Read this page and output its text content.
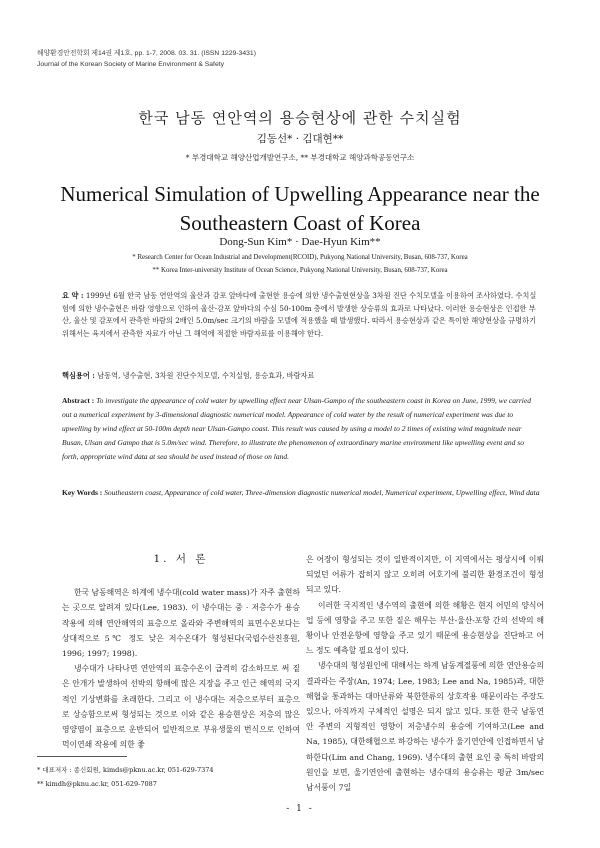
해양환경안전학회 제14권 제1호, pp. 1-7, 2008. 03. 31. (ISSN 1229-3431)
Journal of the Korean Society of Marine Environment & Safety
한국 남동 연안역의 용승현상에 관한 수치실험
김동선* · 김대현**
* 부경대학교 해양산업개발연구소, ** 부경대학교 해양과학공동연구소
Numerical Simulation of Upwelling Appearance near the
Southeastern Coast of Korea
Dong-Sun Kim* · Dae-Hyun Kim**
* Research Center for Ocean Industrial and Development(RCOID), Pukyong National University, Busan, 608-737, Korea
** Korea Inter-university Institute of Ocean Science, Pukyong National University, Busan, 608-737, Korea
요 약 : 1999년 6월 한국 남동 연안역의 울산과 감포 앞바다에 출현한 용승에 의한 냉수출현현상을 3차원 진단 수치모델을 이용하여 조사하였다. 수치실험에 의한 냉수출현은 바람 영향으로 인하여 울산-감포 앞바다의 수심 50-100m 층에서 발생한 상승류의 효과로 나타났다. 이러한 용승현상은 인접한 부산, 울산 및 감포에서 관측한 바람의 2배인 5.0m/sec 크기의 바람을 모델에 적용했을 때 발생했다. 따라서 용승현상과 같은 특이한 해양현상을 규명하기 위해서는 육지에서 관측한 자료가 아닌 그 해역에 적절한 바람자료를 이용해야 한다.
핵심용어 : 남동역, 냉수출현, 3차원 진단수치모델, 수치실험, 용승효과, 바람자료
Abstract : To investigate the appearance of cold water by upwelling effect near Ulsan-Gampo of the southeastern coast in Korea on June, 1999, we carried out a numerical experiment by 3-dimensional diagnostic numerical model. Appearance of cold water by the result of numerical experiment was due to upwelling by wind effect at 50-100m depth near Ulsan-Gampo coast. This result was caused by using a model to 2 times of existing wind magnitude near Busan, Ulsan and Gampo that is 5.0m/sec wind. Therefore, to illustrate the phenomenon of extraordinary marine environment like upwelling event and so forth, appropriate wind data at sea should be used instead of those on land.
Key Words : Southeastern coast, Appearance of cold water, Three-dimension diagnostic numerical model, Numerical experiment, Upwelling effect, Wind data
1. 서 론

한국 남동해역은 하계에 냉수대(cold water mass)가 자주 출현하는 곳으로 알려져 있다(Lee, 1983). 이 냉수대는 중 · 저층수가 용승작용에 의해 연안해역의 표층으로 올라와 주변해역의 표면수온보다는 상대적으로 5℃ 정도 낮은 저수온대가 형성된다(국립수산진흥원, 1996; 1997; 1998).

냉수대가 나타나면 연안역의 표층수온이 급격히 감소하므로 써 짙은 안개가 발생하여 선박의 항해에 많은 지장을 주고 인근 해역의 국지적인 기상변화를 초래한다. 그리고 이 냉수대는 저층으로부터 표층으로 상승함으로써 형성되는 것으로 이와 같은 용승현상은 저층의 많은 영양염이 표층으로 운반되어 일반적으로 부유생물의 번식으로 인하여 먹이연쇄 작용에 의한 좋

은 어장이 형성되는 것이 일반적이지만, 이 지역에서는 평상시에 이뤄되었던 어류가 잡히지 않고 오히려 어호기에 불리한 환경조건이 형성되고 있다.

이러한 국지적인 냉수역의 출현에 의한 해황은 현지 어민의 양식어업 등에 영향을 주고 또한 짙은 해무는 부산-울산-포항 간의 선박의 해황이나 안전운항에 영향을 주고 있기 때문에 용승현상을 진단하고 어느 정도 예측할 필요성이 있다.

냉수대의 형성원인에 대해서는 하계 남동계절풍에 의한 연안용승의 결과라는 주장(An, 1974; Lee, 1983; Lee and Na, 1985)과, 대한해협을 통과하는 대마난류와 북한한류의 상호작용 때문이라는 주장도 있으나, 아직까지 구체적인 설명은 되지 않고 있다. 또한 한국 남동연안 주변의 지형적인 영향이 저층냉수의 용승에 기여하고(Lee and Na, 1985), 대한해협으로 하강하는 냉수가 울기연안에 인접하면서 남하한다(Lim and Chang, 1969). 냉수대의 출현 요인 중 특히 바람의 원인을 보면, 울기연안에 출현하는 냉수대의 용승류는 평균 3m/sec 남서풍이 7일

* 대표저자 : 종신회원, kimds@pknu.ac.kr, 051-629-7374
** kimdh@pknu.ac.kr, 051-629-7087
- 1 -
